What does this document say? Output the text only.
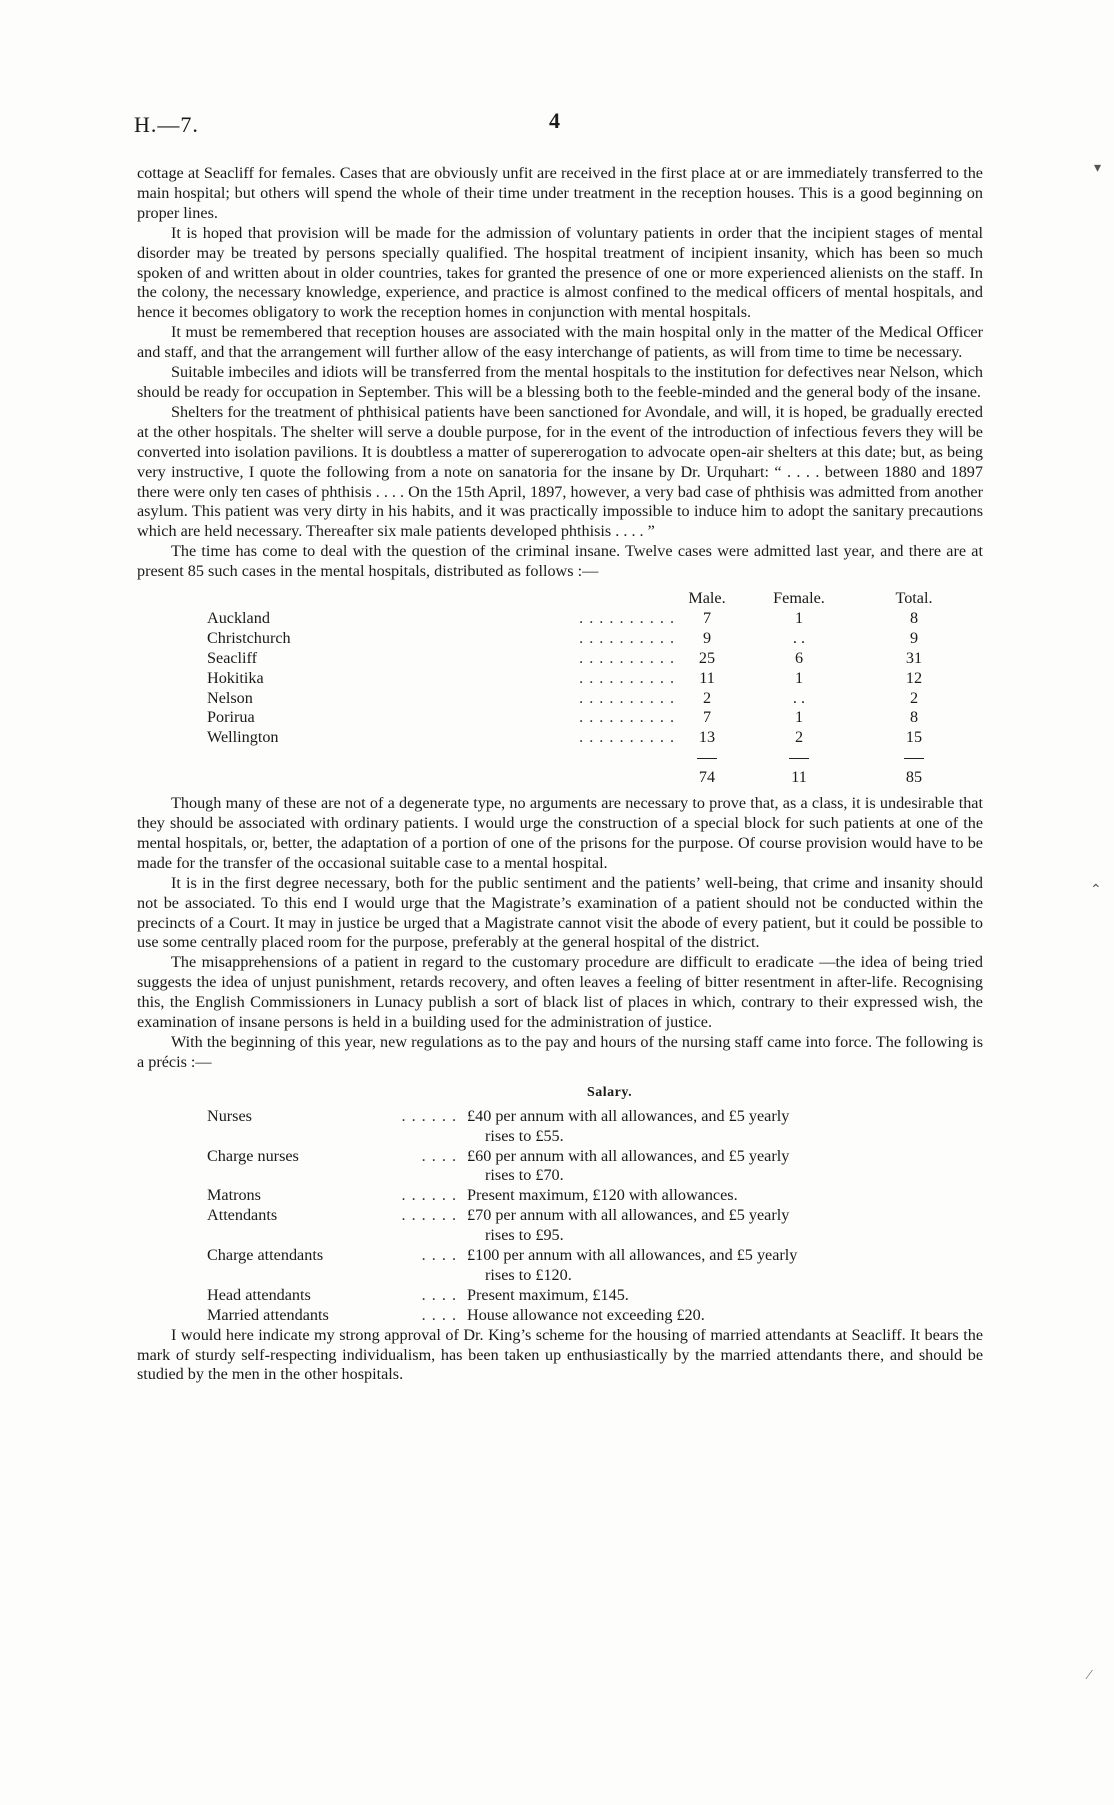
H.—7.	4

cottage at Seacliff for females. Cases that are obviously unfit are received in the first place at or are immediately transferred to the main hospital; but others will spend the whole of their time under treatment in the reception houses. This is a good beginning on proper lines.

It is hoped that provision will be made for the admission of voluntary patients in order that the incipient stages of mental disorder may be treated by persons specially qualified. The hospital treatment of incipient insanity, which has been so much spoken of and written about in older countries, takes for granted the presence of one or more experienced alienists on the staff. In the colony, the necessary knowledge, experience, and practice is almost confined to the medical officers of mental hospitals, and hence it becomes obligatory to work the reception homes in conjunction with mental hospitals.

It must be remembered that reception houses are associated with the main hospital only in the matter of the Medical Officer and staff, and that the arrangement will further allow of the easy interchange of patients, as will from time to time be necessary.

Suitable imbeciles and idiots will be transferred from the mental hospitals to the institution for defectives near Nelson, which should be ready for occupation in September. This will be a blessing both to the feeble-minded and the general body of the insane.

Shelters for the treatment of phthisical patients have been sanctioned for Avondale, and will, it is hoped, be gradually erected at the other hospitals. The shelter will serve a double purpose, for in the event of the introduction of infectious fevers they will be converted into isolation pavilions. It is doubtless a matter of supererogation to advocate open-air shelters at this date; but, as being very instructive, I quote the following from a note on sanatoria for the insane by Dr. Urquhart: “ . . . . between 1880 and 1897 there were only ten cases of phthisis . . . . On the 15th April, 1897, however, a very bad case of phthisis was admitted from another asylum. This patient was very dirty in his habits, and it was practically impossible to induce him to adopt the sanitary precautions which are held necessary. Thereafter six male patients developed phthisis . . . . ”

The time has come to deal with the question of the criminal insane. Twelve cases were admitted last year, and there are at present 85 such cases in the mental hospitals, distributed as follows :—

		Male.	Female.	Total.
Auckland	. . . . . . . . . .	7	1	8
Christchurch	. . . . . . . . . .	9	. .	9
Seacliff	. . . . . . . . . .	25	6	31
Hokitika	. . . . . . . . . .	11	1	12
Nelson	. . . . . . . . . .	2	. .	2
Porirua	. . . . . . . . . .	7	1	8
Wellington	. . . . . . . . . .	13	2	15

		74	11	85

Though many of these are not of a degenerate type, no arguments are necessary to prove that, as a class, it is undesirable that they should be associated with ordinary patients. I would urge the construction of a special block for such patients at one of the mental hospitals, or, better, the adaptation of a portion of one of the prisons for the purpose. Of course provision would have to be made for the transfer of the occasional suitable case to a mental hospital.

It is in the first degree necessary, both for the public sentiment and the patients’ well-being, that crime and insanity should not be associated. To this end I would urge that the Magistrate’s examination of a patient should not be conducted within the precincts of a Court. It may in justice be urged that a Magistrate cannot visit the abode of every patient, but it could be possible to use some centrally placed room for the purpose, preferably at the general hospital of the district.

The misapprehensions of a patient in regard to the customary procedure are difficult to eradicate —the idea of being tried suggests the idea of unjust punishment, retards recovery, and often leaves a feeling of bitter resentment in after-life. Recognising this, the English Commissioners in Lunacy publish a sort of black list of places in which, contrary to their expressed wish, the examination of insane persons is held in a building used for the administration of justice.

With the beginning of this year, new regulations as to the pay and hours of the nursing staff came into force. The following is a précis :—

Salary.
Nurses	. . . . . .	£40 per annum with all allowances, and £5 yearly
rises to £55.

Charge nurses	. . . .	£60 per annum with all allowances, and £5 yearly
rises to £70.

Matrons	. . . . . .	Present maximum, £120 with allowances.
Attendants	. . . . . .	£70 per annum with all allowances, and £5 yearly
rises to £95.

Charge attendants	. . . .	£100 per annum with all allowances, and £5 yearly
rises to £120.

Head attendants	. . . .	Present maximum, £145.
Married attendants	. . . .	House allowance not exceeding £20.

I would here indicate my strong approval of Dr. King’s scheme for the housing of married attendants at Seacliff. It bears the mark of sturdy self-respecting individualism, has been taken up enthusiastically by the married attendants there, and should be studied by the men in the other hospitals.

▾
⌃
⁄
